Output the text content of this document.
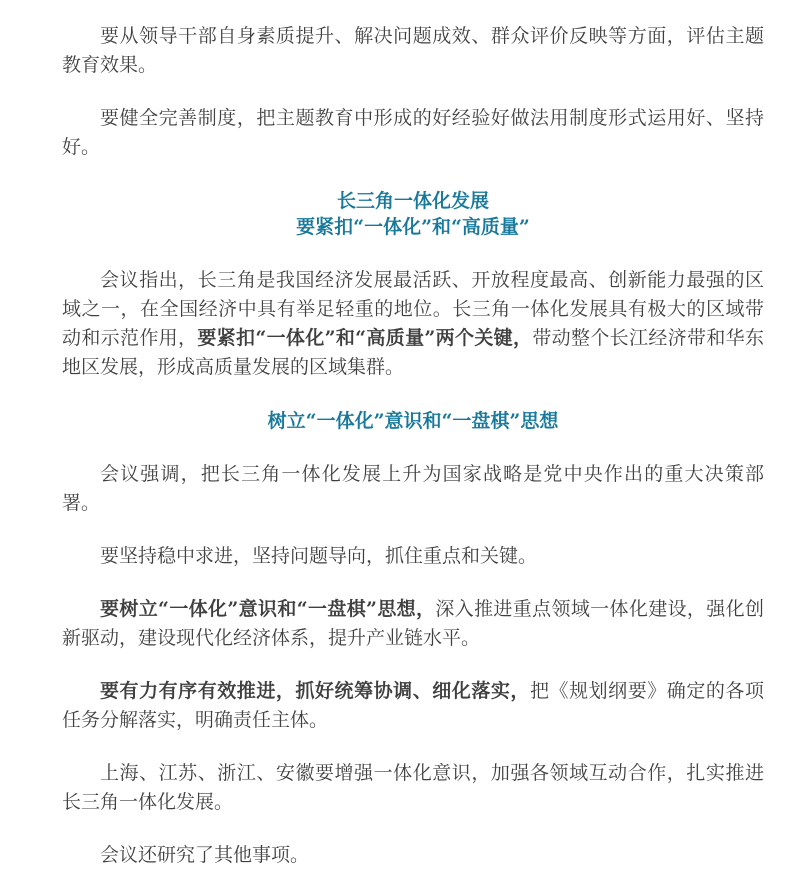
要从领导干部自身素质提升、解决问题成效、群众评价反映等方面，评估主题教育效果。

要健全完善制度，把主题教育中形成的好经验好做法用制度形式运用好、坚持好。

长三角一体化发展
要紧扣“一体化”和“高质量”

会议指出，长三角是我国经济发展最活跃、开放程度最高、创新能力最强的区域之一，在全国经济中具有举足轻重的地位。长三角一体化发展具有极大的区域带动和示范作用，要紧扣“一体化”和“高质量”两个关键，带动整个长江经济带和华东地区发展，形成高质量发展的区域集群。

树立“一体化”意识和“一盘棋”思想

会议强调，把长三角一体化发展上升为国家战略是党中央作出的重大决策部署。

要坚持稳中求进，坚持问题导向，抓住重点和关键。

要树立“一体化”意识和“一盘棋”思想，深入推进重点领域一体化建设，强化创新驱动，建设现代化经济体系，提升产业链水平。

要有力有序有效推进，抓好统筹协调、细化落实，把《规划纲要》确定的各项任务分解落实，明确责任主体。

上海、江苏、浙江、安徽要增强一体化意识，加强各领域互动合作，扎实推进长三角一体化发展。

会议还研究了其他事项。
